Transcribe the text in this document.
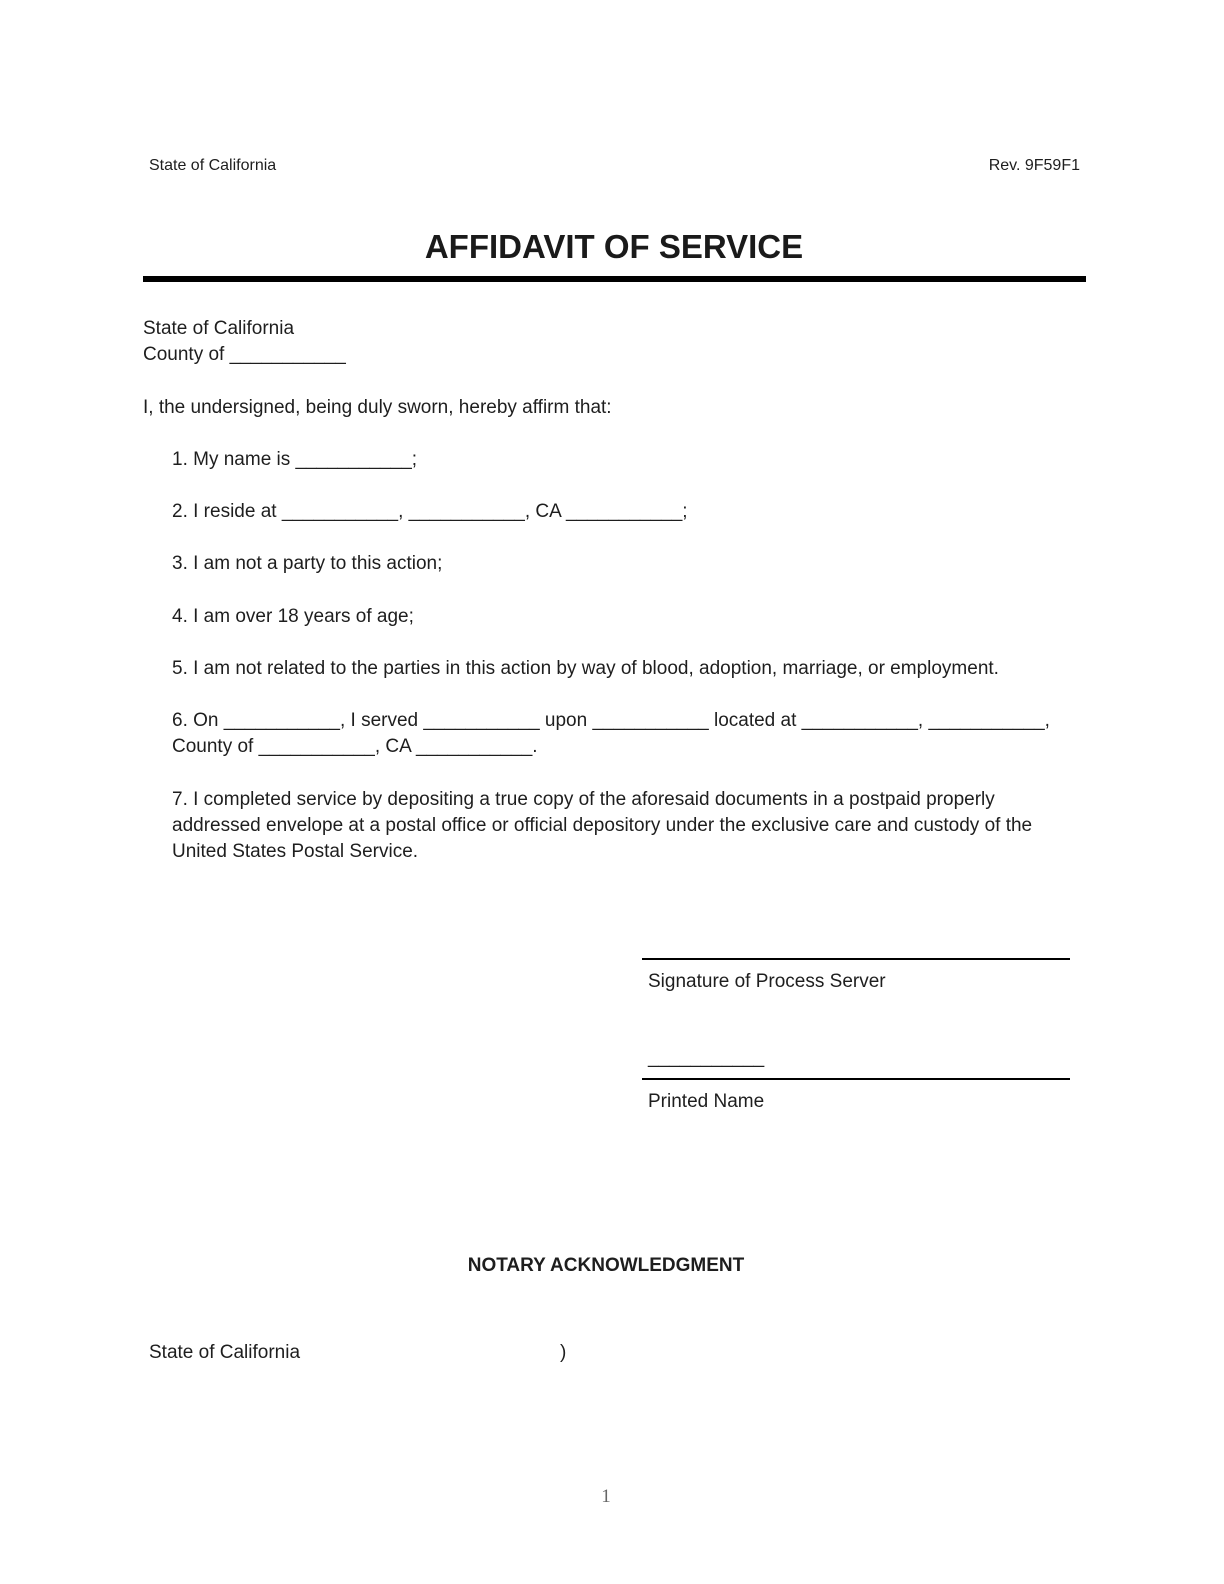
State of California	Rev. 9F59F1
AFFIDAVIT OF SERVICE
State of California
County of ___________
I, the undersigned, being duly sworn, hereby affirm that:
1. My name is ___________;
2. I reside at ___________, ___________, CA ___________;
3. I am not a party to this action;
4. I am over 18 years of age;
5. I am not related to the parties in this action by way of blood, adoption, marriage, or employment.
6. On ___________, I served ___________ upon ___________ located at ___________, ___________,
County of ___________, CA ___________.
7. I completed service by depositing a true copy of the aforesaid documents in a postpaid properly
addressed envelope at a postal office or official depository under the exclusive care and custody of the
United States Postal Service.
Signature of Process Server
___________
Printed Name
NOTARY ACKNOWLEDGMENT
State of California	)
1
